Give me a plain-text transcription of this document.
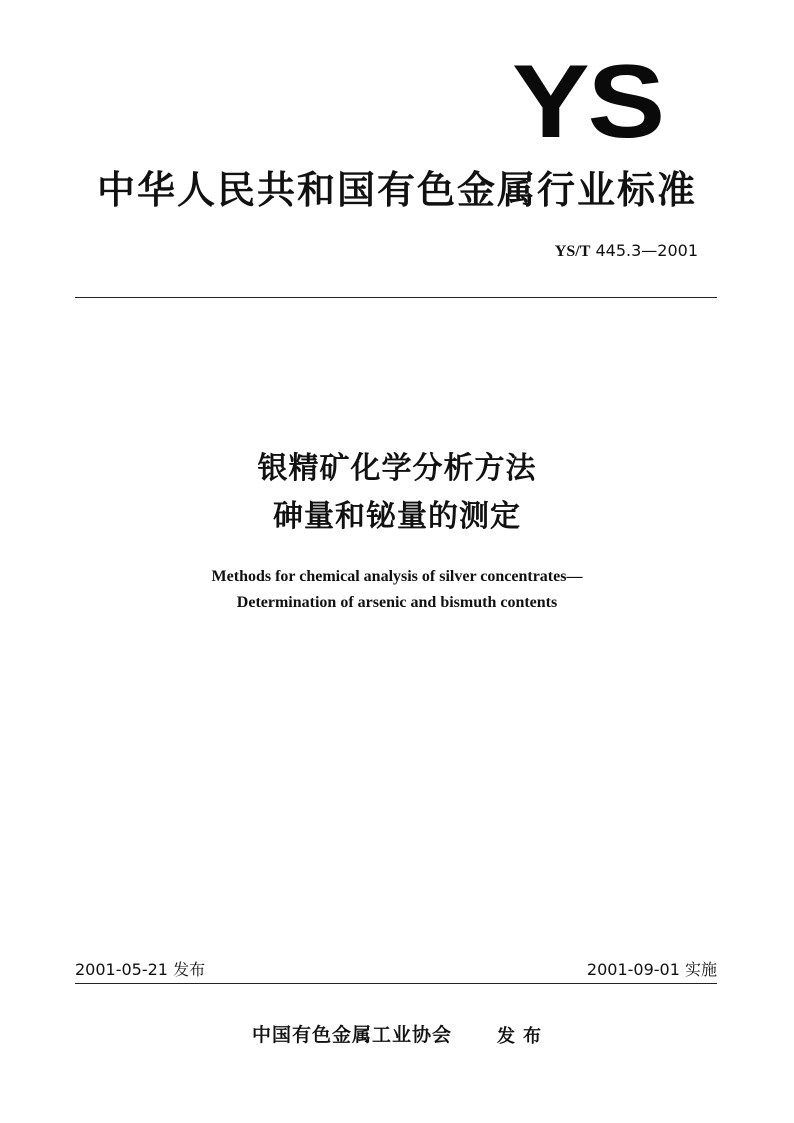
YS
中华人民共和国有色金属行业标准
YS/T 445.3—2001
银精矿化学分析方法
砷量和铋量的测定
Methods for chemical analysis of silver concentrates—
Determination of arsenic and bismuth contents
2001-05-21 发布	2001-09-01 实施
中国有色金属工业协会 发布
